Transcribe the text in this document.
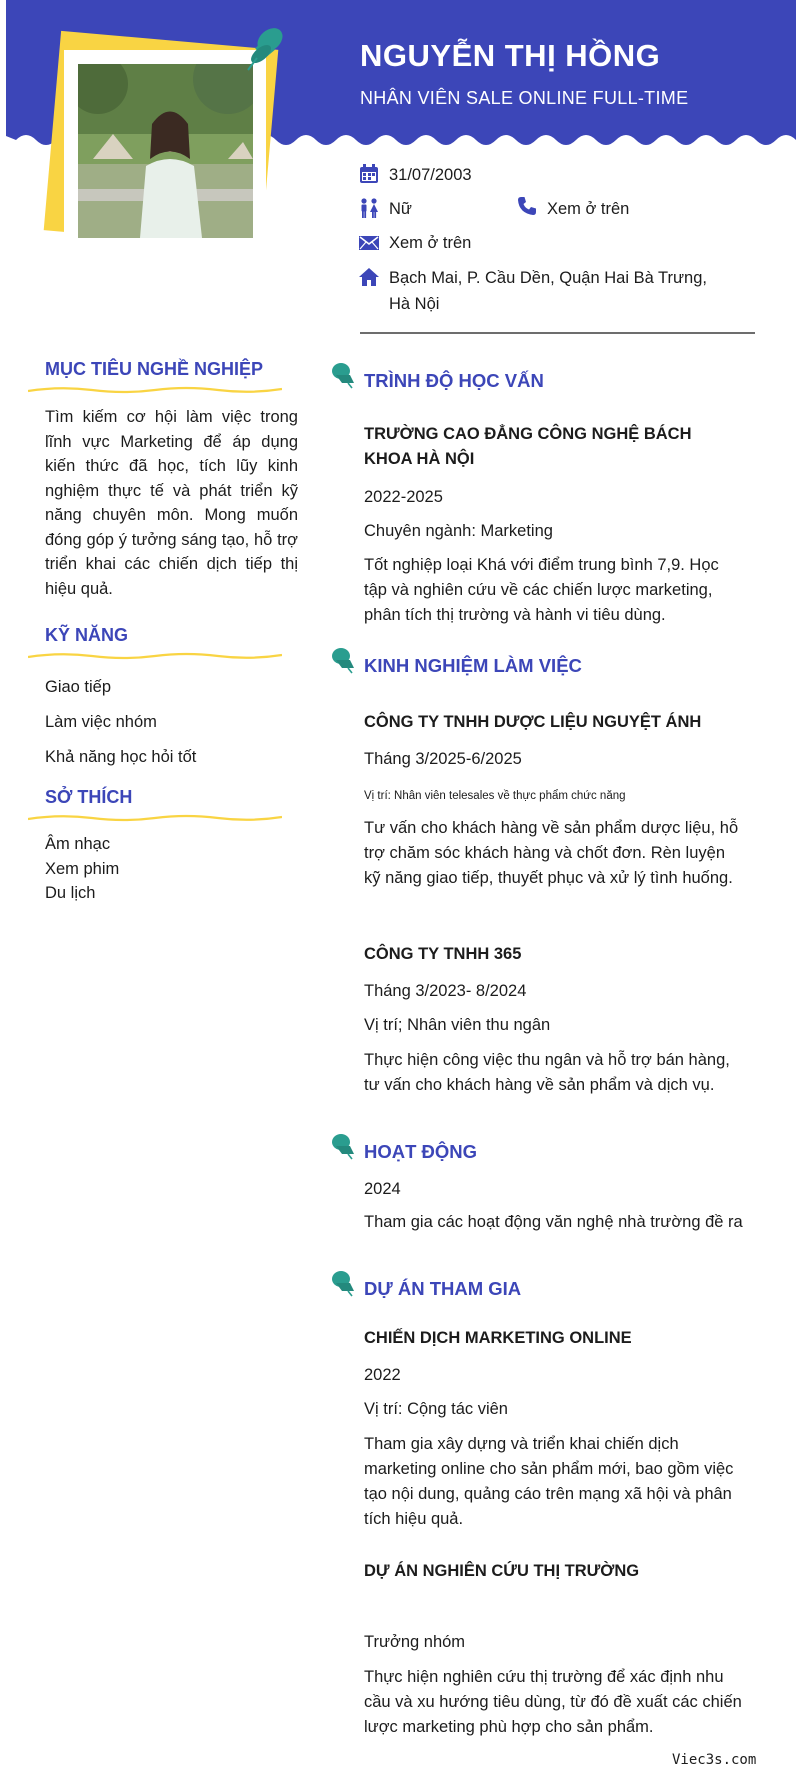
NGUYỄN THỊ HỒNG
NHÂN VIÊN SALE ONLINE FULL-TIME
31/07/2003
Nữ	Xem ở trên
Xem ở trên
Bạch Mai, P. Cầu Dền, Quận Hai Bà Trưng,
Hà Nội
MỤC TIÊU NGHỀ NGHIỆP
Tìm kiếm cơ hội làm việc trong lĩnh vực Marketing để áp dụng kiến thức đã học, tích lũy kinh nghiệm thực tế và phát triển kỹ năng chuyên môn. Mong muốn đóng góp ý tưởng sáng tạo, hỗ trợ triển khai các chiến dịch tiếp thị hiệu quả.
KỸ NĂNG
Giao tiếp
Làm việc nhóm
Khả năng học hỏi tốt
SỞ THÍCH
Âm nhạc
Xem phim
Du lịch
TRÌNH ĐỘ HỌC VẤN
TRƯỜNG CAO ĐẲNG CÔNG NGHỆ BÁCH KHOA HÀ NỘI
2022-2025
Chuyên ngành: Marketing
Tốt nghiệp loại Khá với điểm trung bình 7,9. Học tập và nghiên cứu về các chiến lược marketing, phân tích thị trường và hành vi tiêu dùng.
KINH NGHIỆM LÀM VIỆC
CÔNG TY TNHH DƯỢC LIỆU NGUYỆT ÁNH
Tháng 3/2025-6/2025
Vị trí: Nhân viên telesales về thực phẩm chức năng
Tư vấn cho khách hàng về sản phẩm dược liệu, hỗ trợ chăm sóc khách hàng và chốt đơn. Rèn luyện kỹ năng giao tiếp, thuyết phục và xử lý tình huống.
CÔNG TY TNHH 365
Tháng 3/2023- 8/2024
Vị trí; Nhân viên thu ngân
Thực hiện công việc thu ngân và hỗ trợ bán hàng, tư vấn cho khách hàng về sản phẩm và dịch vụ.
HOẠT ĐỘNG
2024
Tham gia các hoạt động văn nghệ nhà trường đề ra
DỰ ÁN THAM GIA
CHIẾN DỊCH MARKETING ONLINE
2022
Vị trí: Cộng tác viên
Tham gia xây dựng và triển khai chiến dịch marketing online cho sản phẩm mới, bao gồm việc tạo nội dung, quảng cáo trên mạng xã hội và phân tích hiệu quả.
DỰ ÁN NGHIÊN CỨU THỊ TRƯỜNG
Trưởng nhóm
Thực hiện nghiên cứu thị trường để xác định nhu cầu và xu hướng tiêu dùng, từ đó đề xuất các chiến lược marketing phù hợp cho sản phẩm.
Viec3s.com
